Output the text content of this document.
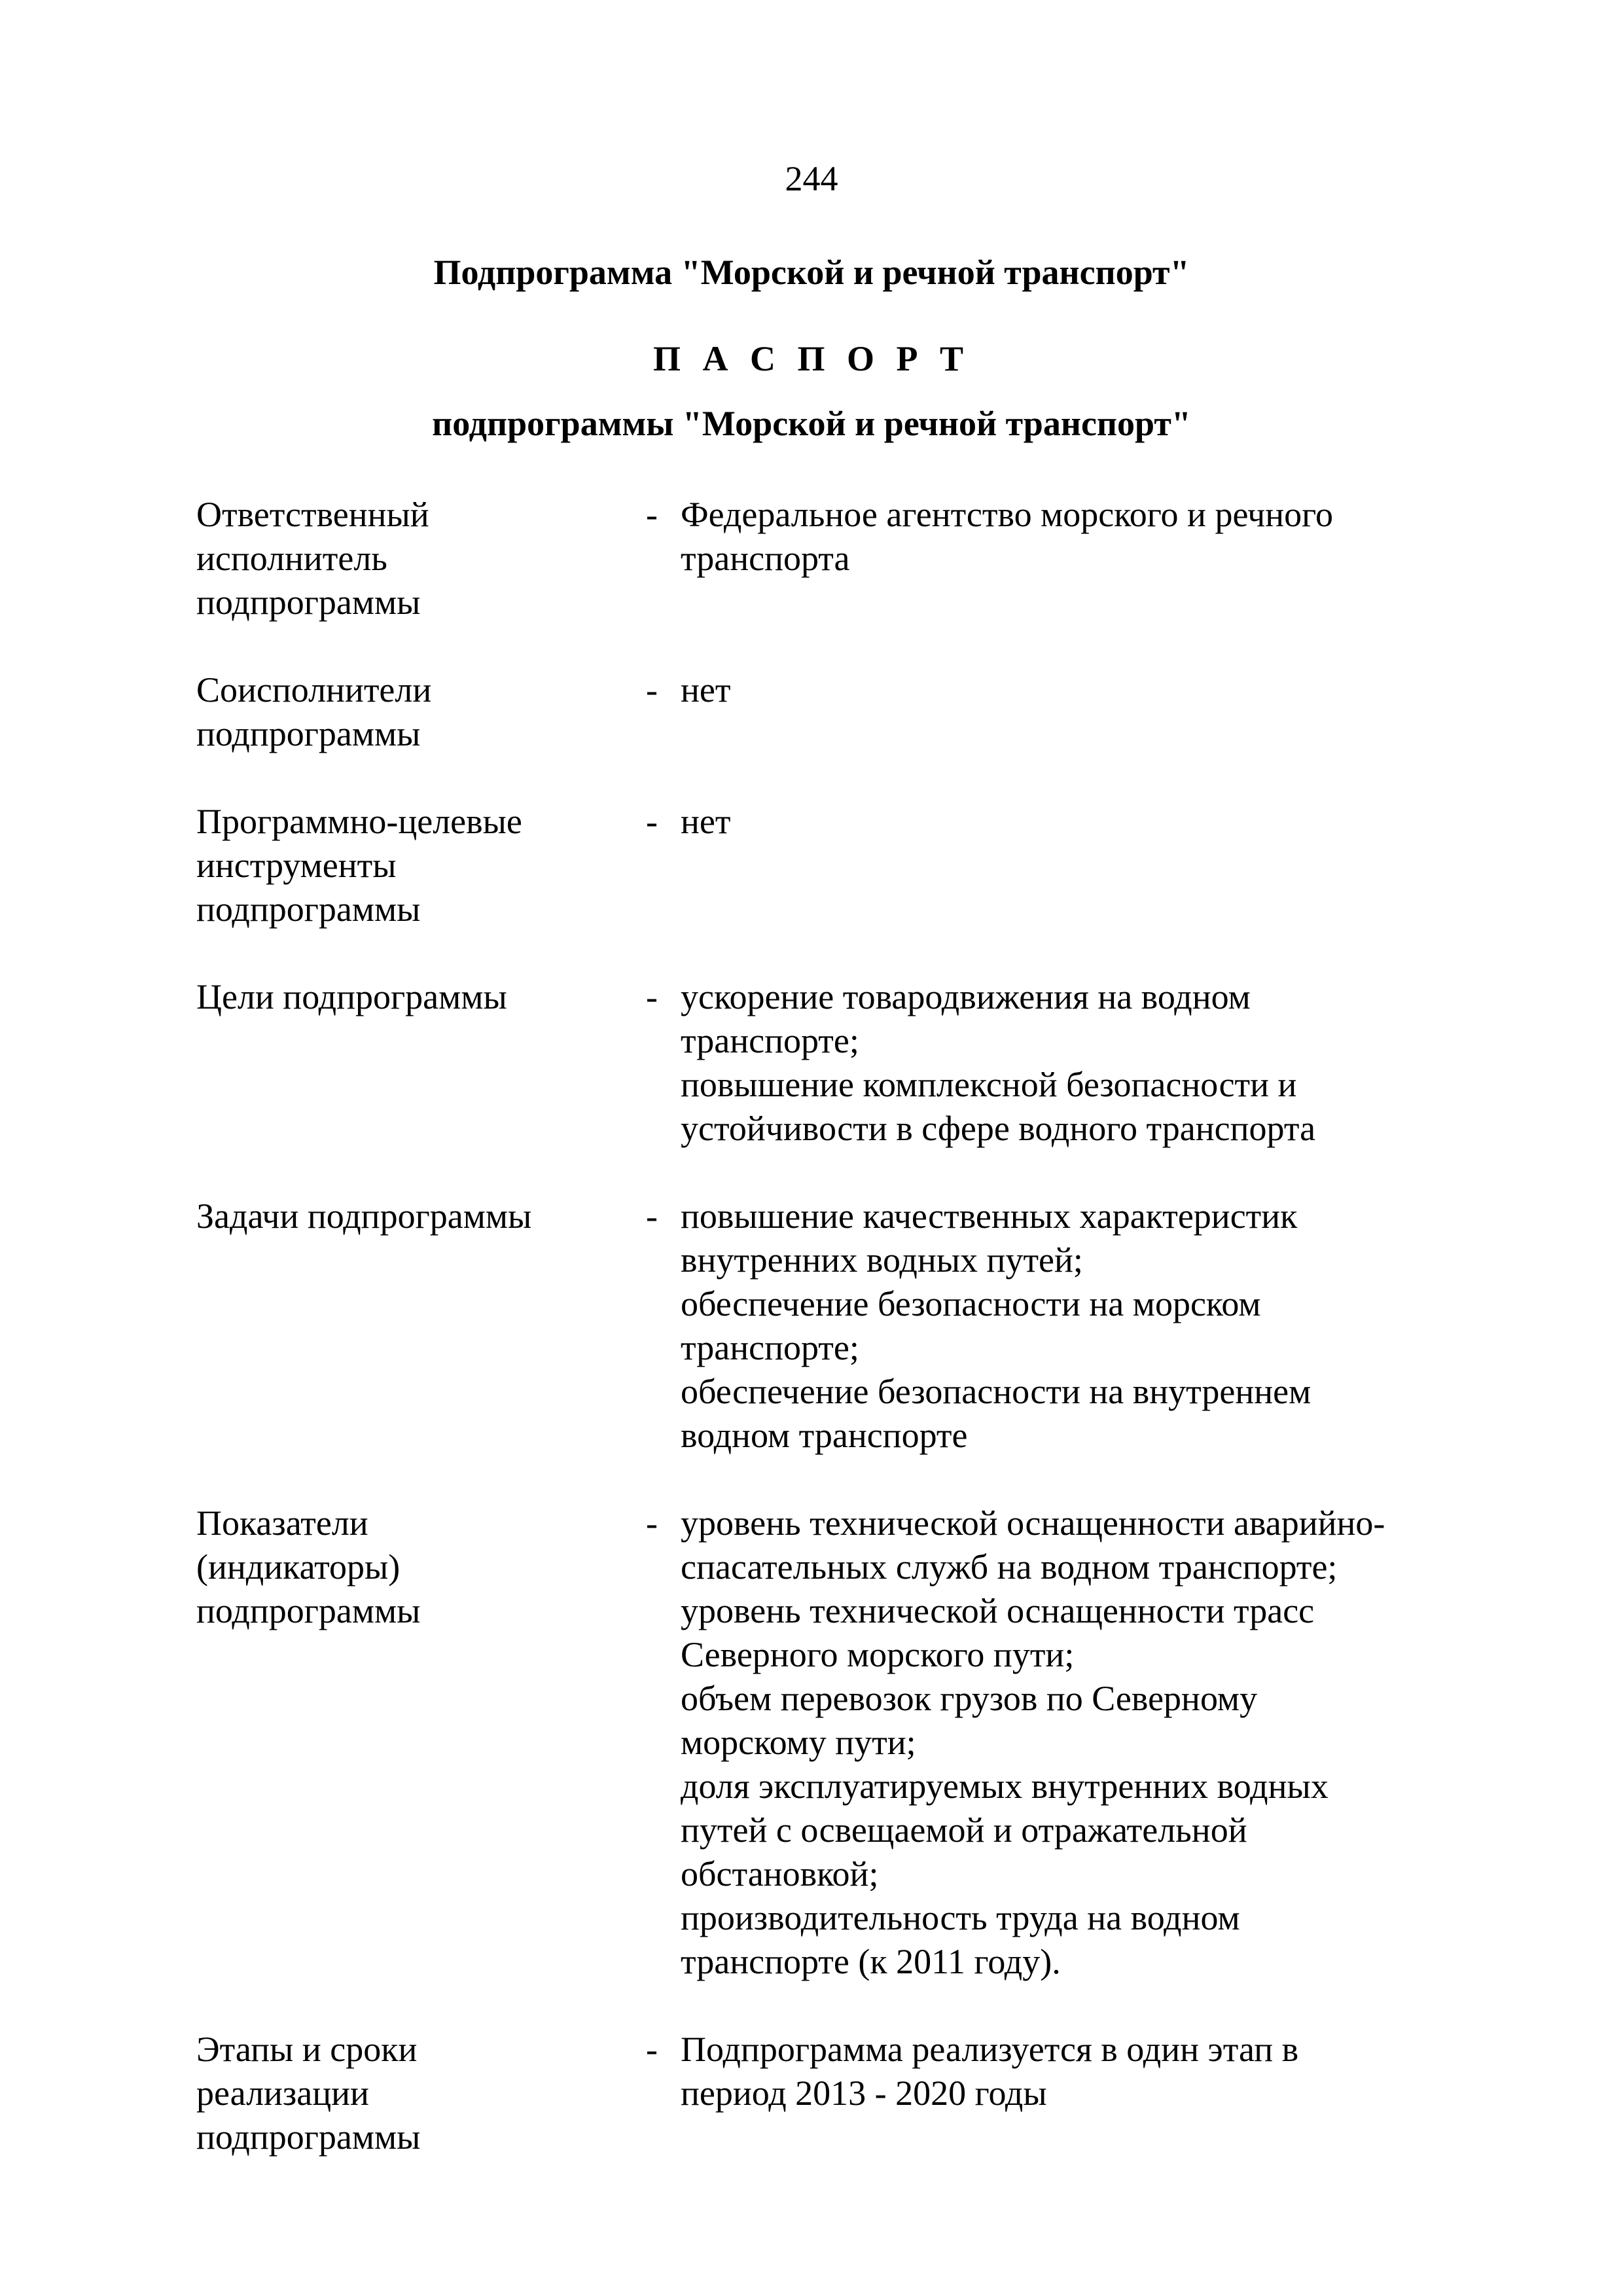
244
Подпрограмма "Морской и речной транспорт"
П А С П О Р Т
подпрограммы "Морской и речной транспорт"
Ответственный
исполнитель
подпрограммы
- Федеральное агентство морского и речного
транспорта
Соисполнители
подпрограммы
- нет
Программно-целевые
инструменты
подпрограммы
- нет
Цели подпрограммы	- ускорение товародвижения на водном
транспорте;
повышение комплексной безопасности и
устойчивости в сфере водного транспорта
Задачи подпрограммы	- повышение качественных характеристик
внутренних водных путей;
обеспечение безопасности на морском
транспорте;
обеспечение безопасности на внутреннем
водном транспорте
Показатели
(индикаторы)
подпрограммы
- уровень технической оснащенности аварийно-
спасательных служб на водном транспорте;
уровень технической оснащенности трасс
Северного морского пути;
объем перевозок грузов по Северному
морскому пути;
доля эксплуатируемых внутренних водных
путей с освещаемой и отражательной
обстановкой;
производительность труда на водном
транспорте (к 2011 году).
Этапы и сроки
реализации
подпрограммы
- Подпрограмма реализуется в один этап в
период 2013 - 2020 годы
